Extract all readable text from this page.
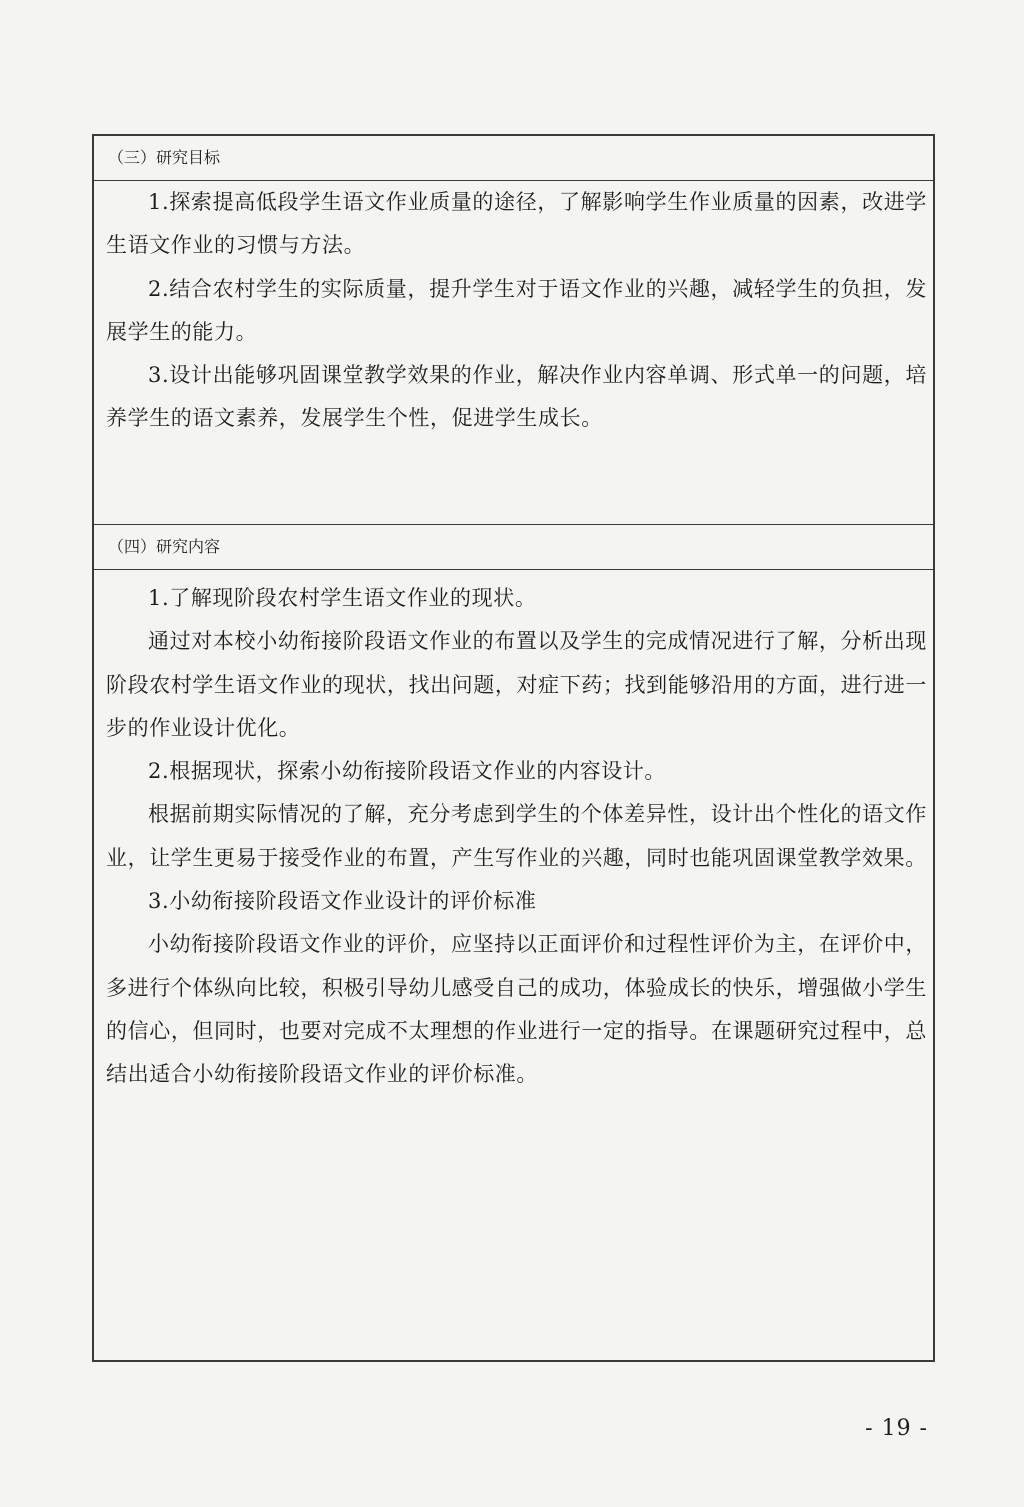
（三）研究目标

1.探索提高低段学生语文作业质量的途径，了解影响学生作业质量的因素，改进学生语文作业的习惯与方法。

2.结合农村学生的实际质量，提升学生对于语文作业的兴趣，减轻学生的负担，发展学生的能力。

3.设计出能够巩固课堂教学效果的作业，解决作业内容单调、形式单一的问题，培养学生的语文素养，发展学生个性，促进学生成长。

（四）研究内容

1.了解现阶段农村学生语文作业的现状。

通过对本校小幼衔接阶段语文作业的布置以及学生的完成情况进行了解，分析出现阶段农村学生语文作业的现状，找出问题，对症下药；找到能够沿用的方面，进行进一步的作业设计优化。

2.根据现状，探索小幼衔接阶段语文作业的内容设计。

根据前期实际情况的了解，充分考虑到学生的个体差异性，设计出个性化的语文作业，让学生更易于接受作业的布置，产生写作业的兴趣，同时也能巩固课堂教学效果。

3.小幼衔接阶段语文作业设计的评价标准

小幼衔接阶段语文作业的评价，应坚持以正面评价和过程性评价为主，在评价中，多进行个体纵向比较，积极引导幼儿感受自己的成功，体验成长的快乐，增强做小学生的信心，但同时，也要对完成不太理想的作业进行一定的指导。在课题研究过程中，总结出适合小幼衔接阶段语文作业的评价标准。

- 19 -
